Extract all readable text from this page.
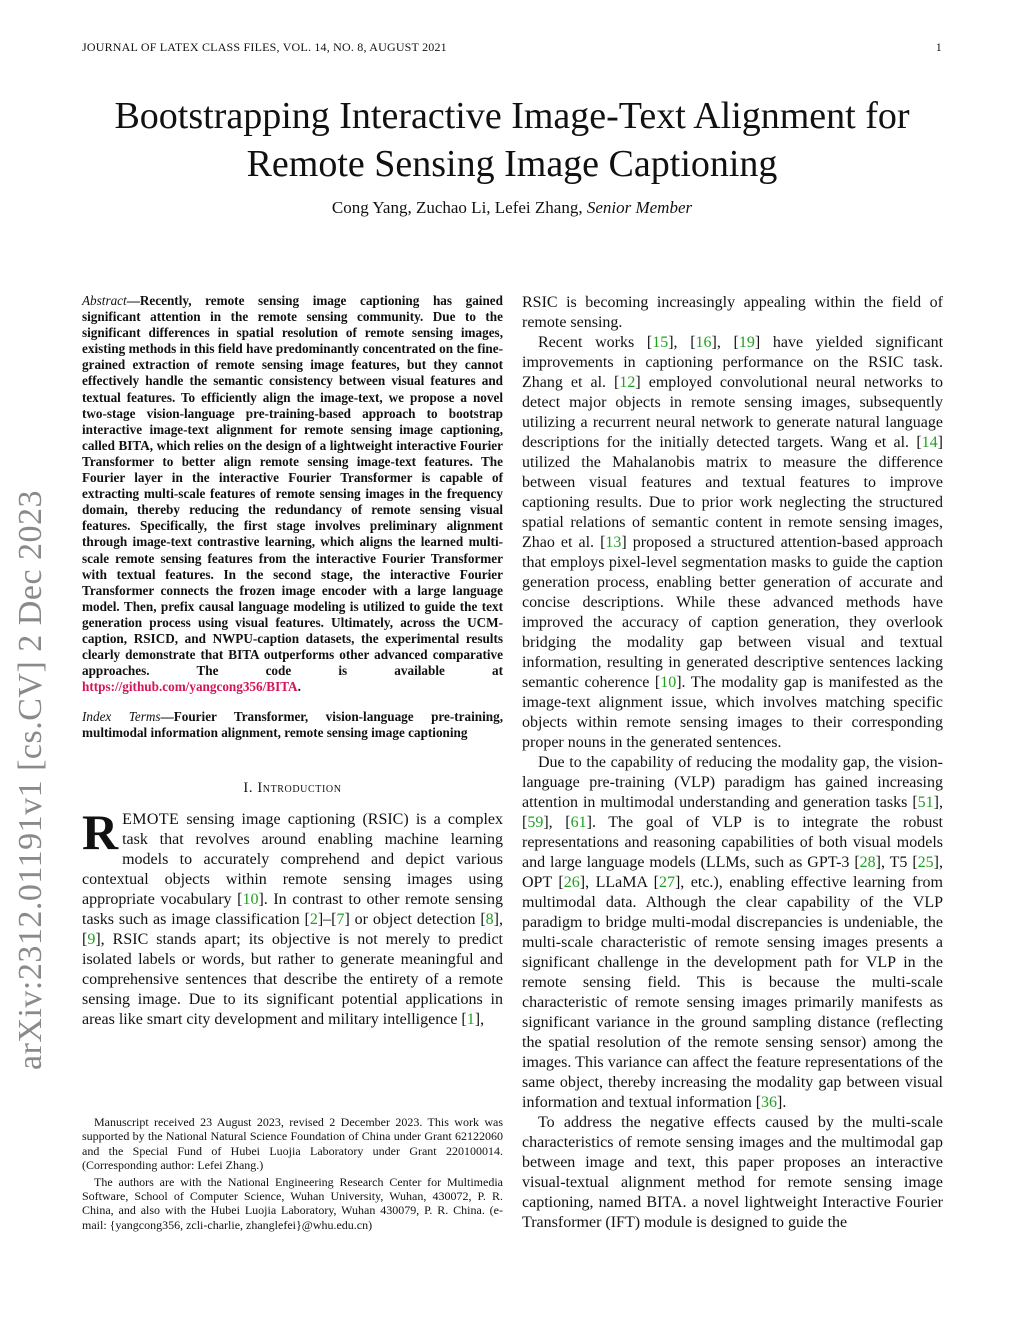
JOURNAL OF LATEX CLASS FILES, VOL. 14, NO. 8, AUGUST 2021	1
arXiv:2312.01191v1 [cs.CV] 2 Dec 2023
Bootstrapping Interactive Image-Text Alignment for Remote Sensing Image Captioning
Cong Yang, Zuchao Li, Lefei Zhang, Senior Member

Abstract—Recently, remote sensing image captioning has gained significant attention in the remote sensing community. Due to the significant differences in spatial resolution of remote sensing images, existing methods in this field have predominantly concentrated on the fine-grained extraction of remote sensing image features, but they cannot effectively handle the semantic consistency between visual features and textual features. To efficiently align the image-text, we propose a novel two-stage vision-language pre-training-based approach to bootstrap interactive image-text alignment for remote sensing image captioning, called BITA, which relies on the design of a lightweight interactive Fourier Transformer to better align remote sensing image-text features. The Fourier layer in the interactive Fourier Transformer is capable of extracting multi-scale features of remote sensing images in the frequency domain, thereby reducing the redundancy of remote sensing visual features. Specifically, the first stage involves preliminary alignment through image-text contrastive learning, which aligns the learned multi-scale remote sensing features from the interactive Fourier Transformer with textual features. In the second stage, the interactive Fourier Transformer connects the frozen image encoder with a large language model. Then, prefix causal language modeling is utilized to guide the text generation process using visual features. Ultimately, across the UCM-caption, RSICD, and NWPU-caption datasets, the experimental results clearly demonstrate that BITA outperforms other advanced comparative approaches. The code is available at https://github.com/yangcong356/BITA.

Index Terms—Fourier Transformer, vision-language pre-training, multimodal information alignment, remote sensing image captioning

I. Introduction

REMOTE sensing image captioning (RSIC) is a complex task that revolves around enabling machine learning models to accurately comprehend and depict various contextual objects within remote sensing images using appropriate vocabulary [10]. In contrast to other remote sensing tasks such as image classification [2]–[7] or object detection [8], [9], RSIC stands apart; its objective is not merely to predict isolated labels or words, but rather to generate meaningful and comprehensive sentences that describe the entirety of a remote sensing image. Due to its significant potential applications in areas like smart city development and military intelligence [1],

Manuscript received 23 August 2023, revised 2 December 2023. This work was supported by the National Natural Science Foundation of China under Grant 62122060 and the Special Fund of Hubei Luojia Laboratory under Grant 220100014. (Corresponding author: Lefei Zhang.)

The authors are with the National Engineering Research Center for Multimedia Software, School of Computer Science, Wuhan University, Wuhan, 430072, P. R. China, and also with the Hubei Luojia Laboratory, Wuhan 430079, P. R. China. (e-mail: {yangcong356, zcli-charlie, zhanglefei}@whu.edu.cn)

RSIC is becoming increasingly appealing within the field of remote sensing.

Recent works [15], [16], [19] have yielded significant improvements in captioning performance on the RSIC task. Zhang et al. [12] employed convolutional neural networks to detect major objects in remote sensing images, subsequently utilizing a recurrent neural network to generate natural language descriptions for the initially detected targets. Wang et al. [14] utilized the Mahalanobis matrix to measure the difference between visual features and textual features to improve captioning results. Due to prior work neglecting the structured spatial relations of semantic content in remote sensing images, Zhao et al. [13] proposed a structured attention-based approach that employs pixel-level segmentation masks to guide the caption generation process, enabling better generation of accurate and concise descriptions. While these advanced methods have improved the accuracy of caption generation, they overlook bridging the modality gap between visual and textual information, resulting in generated descriptive sentences lacking semantic coherence [10]. The modality gap is manifested as the image-text alignment issue, which involves matching specific objects within remote sensing images to their corresponding proper nouns in the generated sentences.

Due to the capability of reducing the modality gap, the vision-language pre-training (VLP) paradigm has gained increasing attention in multimodal understanding and generation tasks [51], [59], [61]. The goal of VLP is to integrate the robust representations and reasoning capabilities of both visual models and large language models (LLMs, such as GPT-3 [28], T5 [25], OPT [26], LLaMA [27], etc.), enabling effective learning from multimodal data. Although the clear capability of the VLP paradigm to bridge multi-modal discrepancies is undeniable, the multi-scale characteristic of remote sensing images presents a significant challenge in the development path for VLP in the remote sensing field. This is because the multi-scale characteristic of remote sensing images primarily manifests as significant variance in the ground sampling distance (reflecting the spatial resolution of the remote sensing sensor) among the images. This variance can affect the feature representations of the same object, thereby increasing the modality gap between visual information and textual information [36].

To address the negative effects caused by the multi-scale characteristics of remote sensing images and the multimodal gap between image and text, this paper proposes an interactive visual-textual alignment method for remote sensing image captioning, named BITA. a novel lightweight Interactive Fourier Transformer (IFT) module is designed to guide the
